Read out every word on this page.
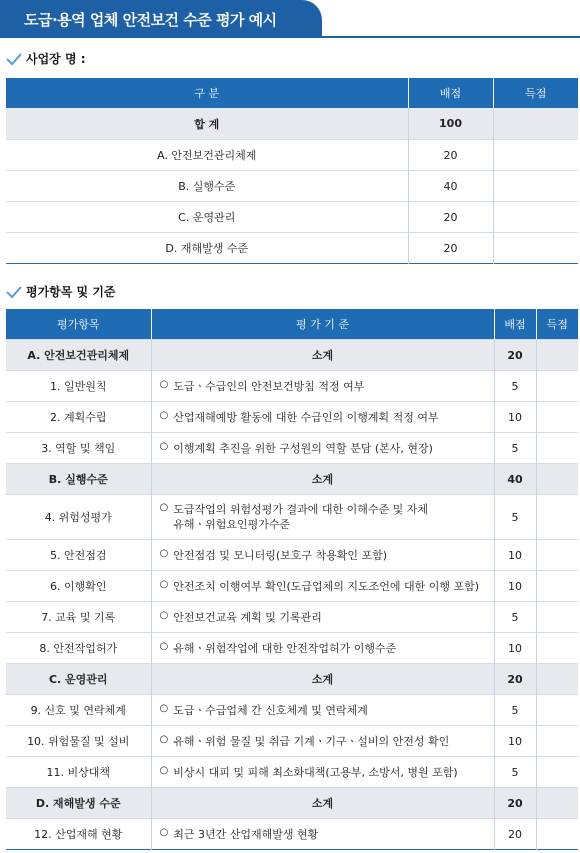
도급·용역 업체 안전보건 수준 평가 예시
사업장 명 :
구 분	배점	득점
합 계	100	
A. 안전보건관리체제	20	
B. 실행수준	40	
C. 운영관리	20	
D. 재해발생 수준	20	
평가항목 및 기준
평가항목	평 가 기 준	배점	득점
A. 안전보건관리체제	소계	20	
1. 일반원칙	○ 도급ㆍ수급인의 안전보건방침 적정 여부	5	
2. 계획수립	○ 산업재해예방 활동에 대한 수급인의 이행계획 적정 여부	10	
3. 역할 및 책임	○ 이행계획 추진을 위한 구성원의 역할 분담 (본사, 현장)	5	
B. 실행수준	소계	40	
4. 위험성평가	○ 도급작업의 위험성평가 결과에 대한 이해수준 및 자체
유해ㆍ위험요인평가수준	5	
5. 안전점검	○ 안전점검 및 모니터링(보호구 착용확인 포함)	10	
6. 이행확인	○ 안전조치 이행여부 확인(도급업체의 지도조언에 대한 이행 포함)	10	
7. 교육 및 기록	○ 안전보건교육 계획 및 기록관리	5	
8. 안전작업허가	○ 유해ㆍ위험작업에 대한 안전작업허가 이행수준	10	
C. 운영관리	소계	20	
9. 신호 및 연락체계	○ 도급ㆍ수급업체 간 신호체계 및 연락체계	5	
10. 위험물질 및 설비	○ 유해ㆍ위험 물질 및 취급 기계ㆍ기구ㆍ설비의 안전성 확인	10	
11. 비상대책	○ 비상시 대피 및 피해 최소화대책(고용부, 소방서, 병원 포함)	5	
D. 재해발생 수준	소계	20	
12. 산업재해 현황	○ 최근 3년간 산업재해발생 현황	20	
